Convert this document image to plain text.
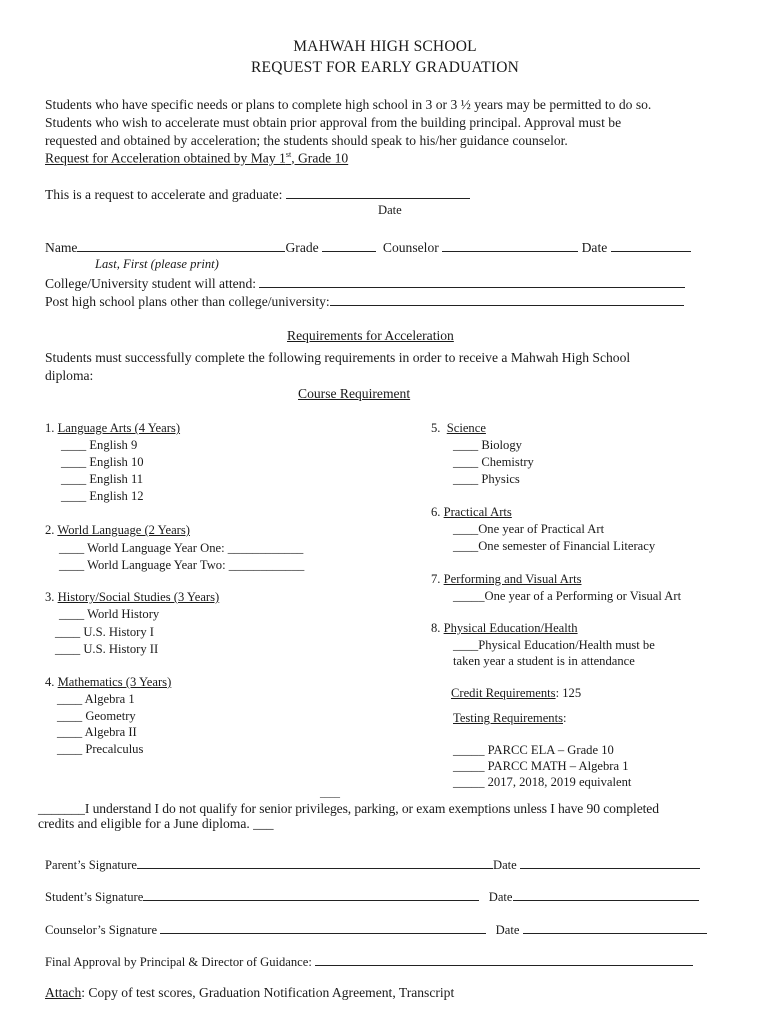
MAHWAH HIGH SCHOOL
REQUEST FOR EARLY GRADUATION
Students who have specific needs or plans to complete high school in 3 or 3 ½ years may be permitted to do so.
Students who wish to accelerate must obtain prior approval from the building principal. Approval must be
requested and obtained by acceleration; the students should speak to his/her guidance counselor.
Request for Acceleration obtained by May 1st, Grade 10
This is a request to accelerate and graduate:
Date
Name	Grade	Counselor	Date
Last, First (please print)
College/University student will attend:
Post high school plans other than college/university:
Requirements for Acceleration
Students must successfully complete the following requirements in order to receive a Mahwah High School
diploma:
Course Requirement
1. Language Arts (4 Years)
____ English 9
____ English 10
____ English 11
____ English 12
2. World Language (2 Years)
____ World Language Year One: ____________
____ World Language Year Two: ____________
3. History/Social Studies (3 Years)
____ World History
____ U.S. History I
____ U.S. History II
4. Mathematics (3 Years)
____ Algebra 1
____ Geometry
____ Algebra II
____ Precalculus
5. Science
____ Biology
____ Chemistry
____ Physics
6. Practical Arts
____One year of Practical Art
____One semester of Financial Literacy
7. Performing and Visual Arts
_____One year of a Performing or Visual Art
8. Physical Education/Health
____Physical Education/Health must be
taken year a student is in attendance
Credit Requirements: 125
Testing Requirements:
_____ PARCC ELA – Grade 10
_____ PARCC MATH – Algebra 1
_____ 2017, 2018, 2019 equivalent
____
_______I understand I do not qualify for senior privileges, parking, or exam exemptions unless I have 90 completed
credits and eligible for a June diploma. ___
Parent’s Signature	Date
Student’s Signature	Date
Counselor’s Signature	Date
Final Approval by Principal & Director of Guidance:
Attach: Copy of test scores, Graduation Notification Agreement, Transcript
